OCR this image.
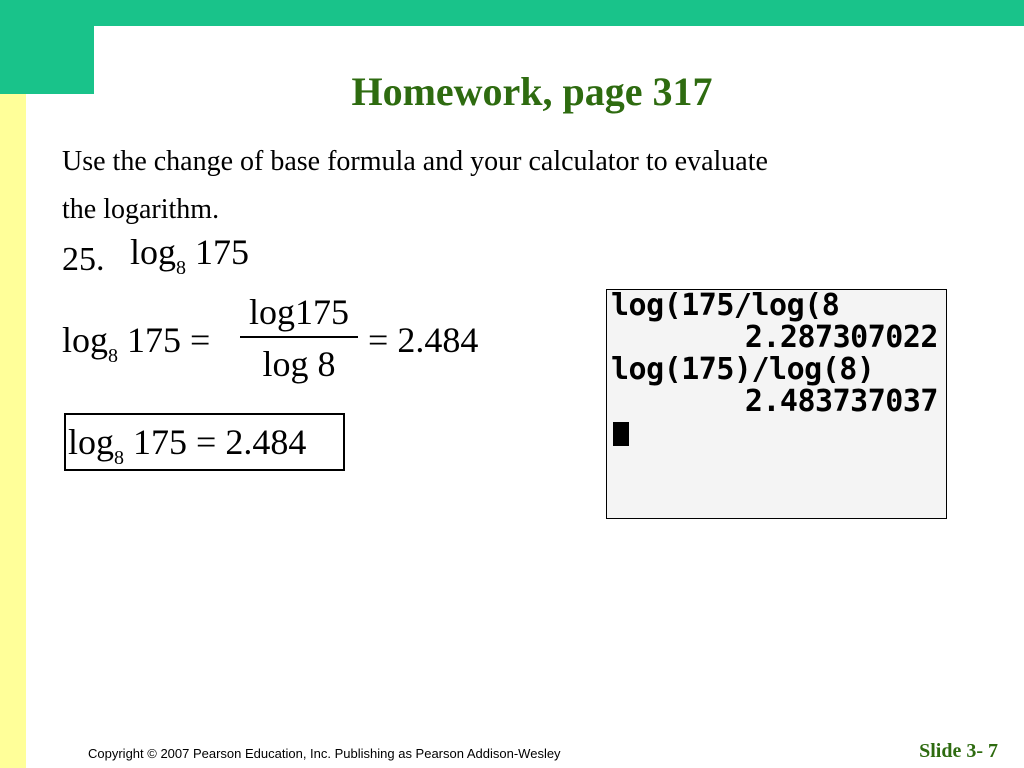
Homework, page 317
Use the change of base formula and your calculator to evaluate
the logarithm.
25. $\log_8 175$
$\log_8 175$ =
log175
log 8
= 2.484
$\log_8 175 = 2.484$
log(175/log(8
2.287307022
log(175)/log(8)
2.483737037
Copyright © 2007 Pearson Education, Inc. Publishing as Pearson Addison-Wesley	Slide 3- 7
